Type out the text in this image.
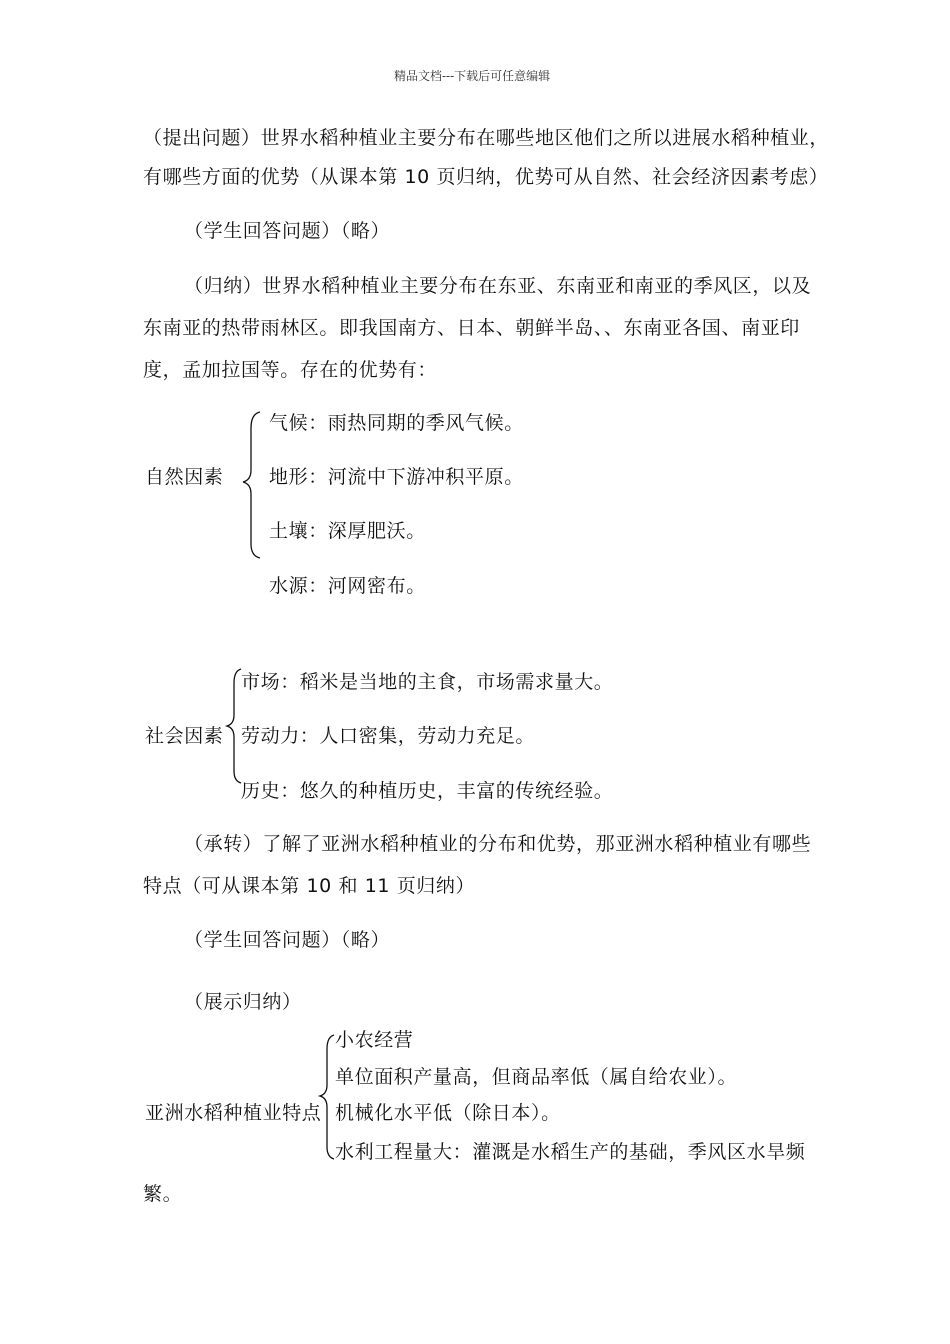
精品文档---下载后可任意编辑
（提出问题）世界水稻种植业主要分布在哪些地区他们之所以进展水稻种植业，
有哪些方面的优势（从课本第 10 页归纳，优势可从自然、社会经济因素考虑）
（学生回答问题）（略）
（归纳）世界水稻种植业主要分布在东亚、东南亚和南亚的季风区，以及
东南亚的热带雨林区。即我国南方、日本、朝鲜半岛、、东南亚各国、南亚印
度，孟加拉国等。存在的优势有：
自然因素
气候：雨热同期的季风气候。
地形：河流中下游冲积平原。
土壤：深厚肥沃。
水源：河网密布。
社会因素
市场：稻米是当地的主食，市场需求量大。
劳动力：人口密集，劳动力充足。
历史：悠久的种植历史，丰富的传统经验。
（承转）了解了亚洲水稻种植业的分布和优势，那亚洲水稻种植业有哪些
特点（可从课本第 10 和 11 页归纳）
（学生回答问题）（略）
（展示归纳）
亚洲水稻种植业特点
小农经营
单位面积产量高，但商品率低（属自给农业）。
机械化水平低（除日本）。
水利工程量大：灌溉是水稻生产的基础，季风区水旱频
繁。
